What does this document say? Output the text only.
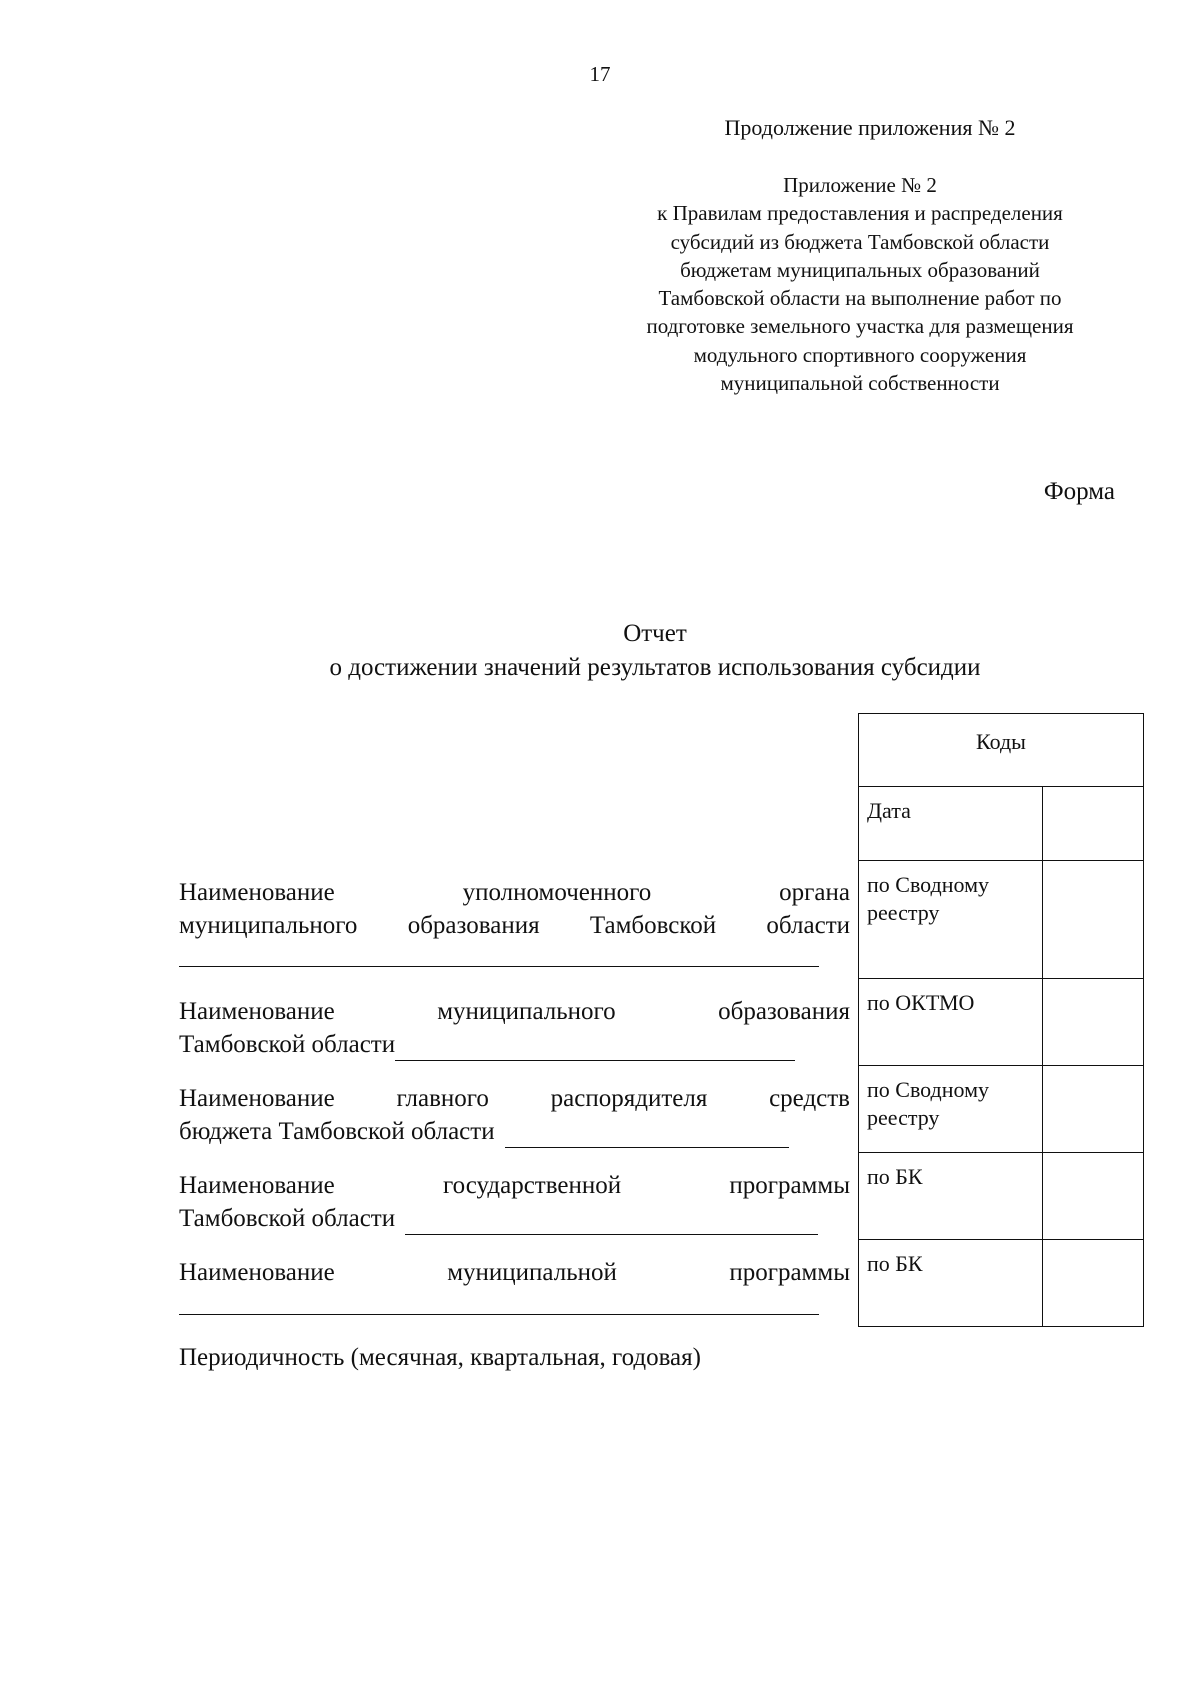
17
Продолжение приложения № 2
Приложение № 2
к Правилам предоставления и распределения
субсидий из бюджета Тамбовской области
бюджетам муниципальных образований
Тамбовской области на выполнение работ по
подготовке земельного участка для размещения
модульного спортивного сооружения
муниципальной собственности
Форма
Отчет
о достижении значений результатов использования субсидии
Наименование уполномоченного органа
муниципального образования Тамбовской области
Наименование муниципального образования
Тамбовской области
Наименование главного распорядителя средств
бюджета Тамбовской области
Наименование государственной программы
Тамбовской области
Наименование муниципальной программы
Периодичность (месячная, квартальная, годовая)
Коды	
Дата	
по Сводному реестру	
по ОКТМО	
по Сводному реестру	
по БК	
по БК	
